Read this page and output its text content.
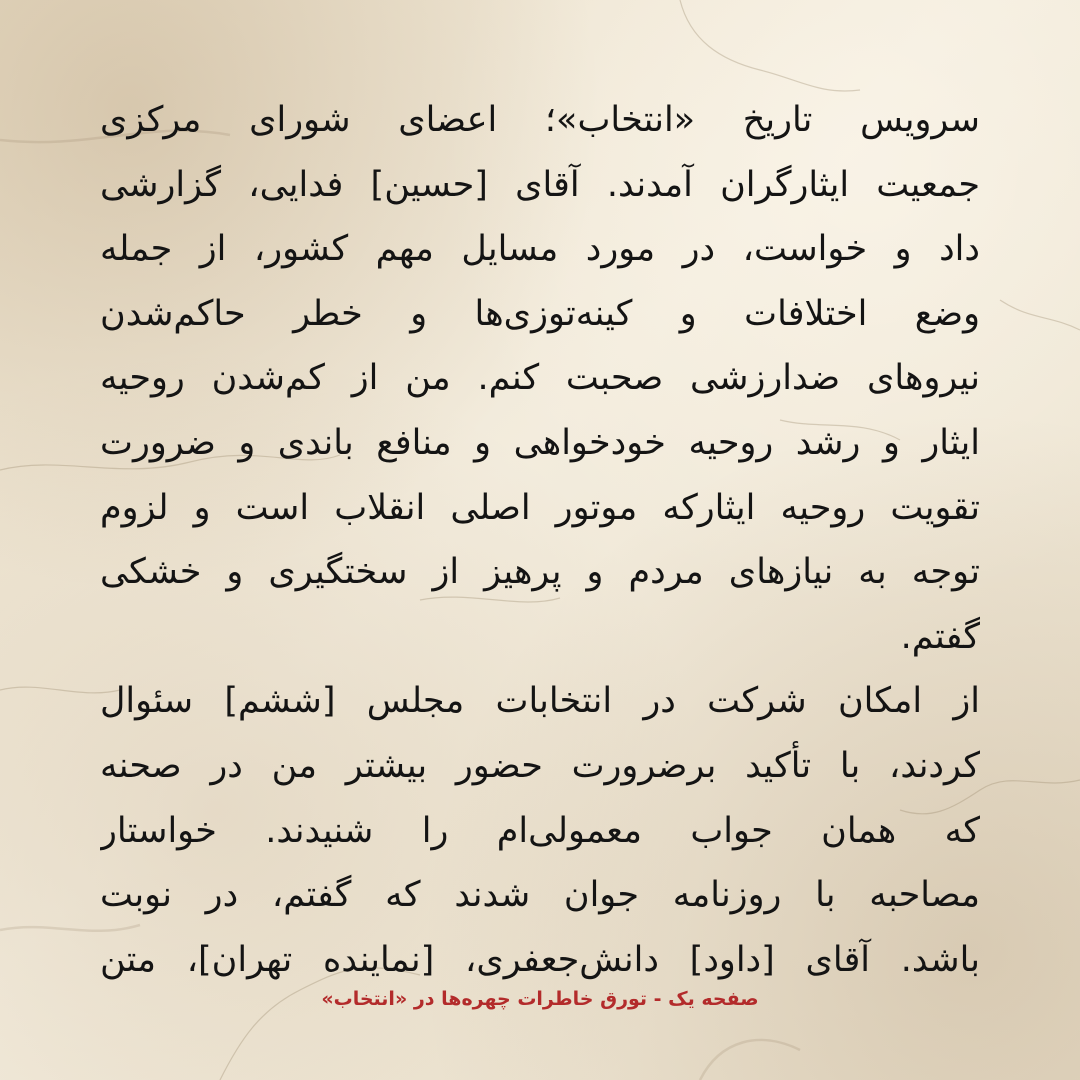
سرویس تاریخ «انتخاب»؛ اعضای شورای مرکزی
جمعیت ایثارگران آمدند. آقای [حسین] فدایی، گزارشی
داد و خواست، در مورد مسایل مهم کشور، از جمله
وضع اختلافات و کینه‌توزی‌ها و خطر حاکم‌شدن
نیروهای ضدارزشی صحبت کنم. من از کم‌شدن روحیه
ایثار و رشد روحیه خودخواهی و منافع باندی و ضرورت
تقویت روحیه ایثارکه موتور اصلی انقلاب است و لزوم
توجه به نیازهای مردم و پرهیز از سختگیری و خشکی
گفتم.
از امکان شرکت در انتخابات مجلس [ششم] سئوال
کردند، با تأکید برضرورت حضور بیشتر من در صحنه
که همان جواب معمولی‌ام را شنیدند. خواستار
مصاحبه با روزنامه جوان شدند که گفتم، در نوبت
باشد. آقای [داود] دانش‌جعفری، [نماینده تهران]، متن
صفحه یک - تورق خاطرات چهره‌ها در «انتخاب»
